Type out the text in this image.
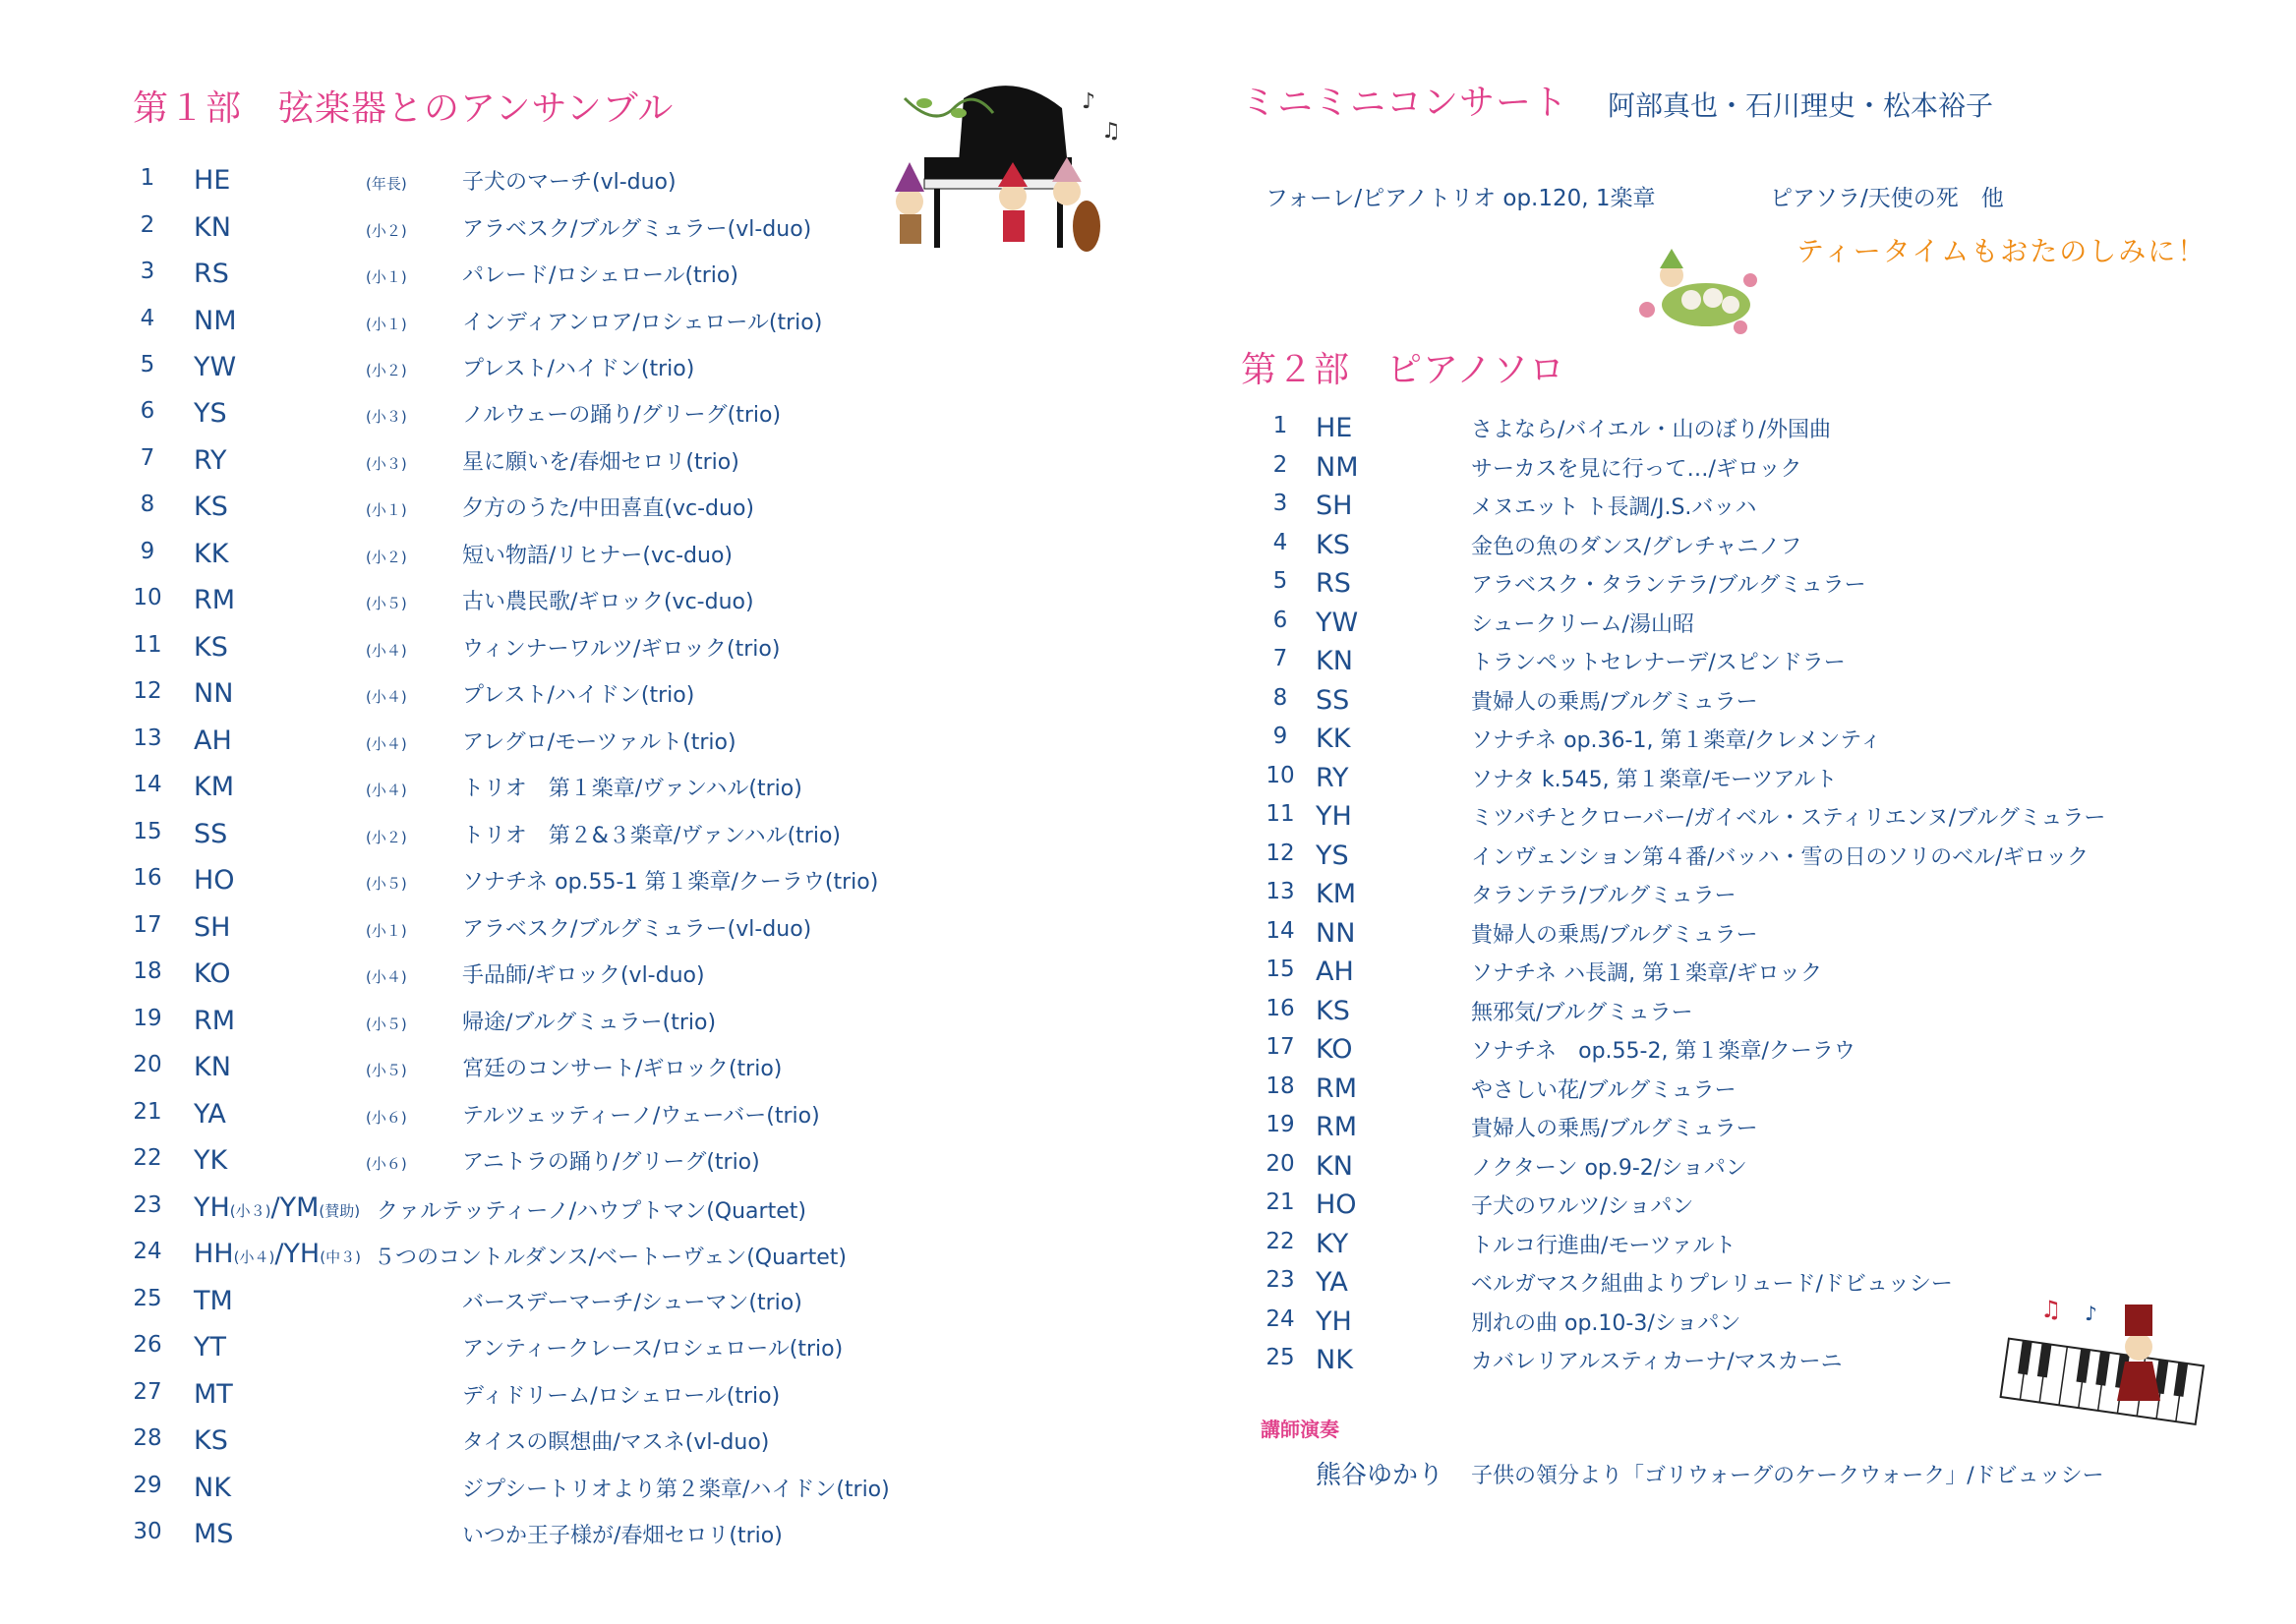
第１部　弦楽器とのアンサンブル	♪
♫
1	HE	(年長)	子犬のマーチ(vl-duo)
2	KN	(小２)	アラベスク/ブルグミュラー(vl-duo)
3	RS	(小１)	パレード/ロシェロール(trio)
4	NM	(小１)	インディアンロア/ロシェロール(trio)
5	YW	(小２)	プレスト/ハイドン(trio)
6	YS	(小３)	ノルウェーの踊り/グリーグ(trio)
7	RY	(小３)	星に願いを/春畑セロリ(trio)
8	KS	(小１)	夕方のうた/中田喜直(vc-duo)
9	KK	(小２)	短い物語/リヒナー(vc-duo)
10 RM	(小５)	古い農民歌/ギロック(vc-duo)
11 KS	(小４)	ウィンナーワルツ/ギロック(trio)
12 NN	(小４)	プレスト/ハイドン(trio)
13 AH	(小４)	アレグロ/モーツァルト(trio)
14 KM	(小４)	トリオ　第１楽章/ヴァンハル(trio)
15 SS	(小２)	トリオ　第２&３楽章/ヴァンハル(trio)
16 HO	(小５)	ソナチネ op.55-1 第１楽章/クーラウ(trio)
17 SH	(小１)	アラベスク/ブルグミュラー(vl-duo)
18 KO	(小４)	手品師/ギロック(vl-duo)
19 RM	(小５)	帰途/ブルグミュラー(trio)
20 KN	(小５)	宮廷のコンサート/ギロック(trio)
21 YA	(小６)	テルツェッティーノ/ウェーバー(trio)
22 YK	(小６)	アニトラの踊り/グリーグ(trio)
23 YH(小３)/YM(賛助) クァルテッティーノ/ハウプトマン(Quartet)
24 HH(小４)/YH(中３) ５つのコントルダンス/ベートーヴェン(Quartet)
25 TM	バースデーマーチ/シューマン(trio)
26 YT	アンティークレース/ロシェロール(trio)
27 MT	ディドリーム/ロシェロール(trio)
28 KS	タイスの瞑想曲/マスネ(vl-duo)
29 NK	ジプシートリオより第２楽章/ハイドン(trio)
30 MS	いつか王子様が/春畑セロリ(trio)
ミニミニコンサート 阿部真也・石川理史・松本裕子
フォーレ/ピアノトリオ op.120, 1楽章	ピアソラ/天使の死　他
ティータイムもおたのしみに！
第２部　ピアノソロ
1	HE	さよなら/バイエル・山のぼり/外国曲
2	NM	サーカスを見に行って…/ギロック
3	SH	メヌエット ト長調/J.S.バッハ
4	KS	金色の魚のダンス/グレチャニノフ
5	RS	アラベスク・タランテラ/ブルグミュラー
6	YW	シュークリーム/湯山昭
7	KN	トランペットセレナーデ/スピンドラー
8	SS	貴婦人の乗馬/ブルグミュラー
9	KK	ソナチネ op.36-1, 第１楽章/クレメンティ
10 RY	ソナタ k.545, 第１楽章/モーツアルト
11 YH	ミツバチとクローバー/ガイベル・スティリエンヌ/ブルグミュラー
12 YS	インヴェンション第４番/バッハ・雪の日のソリのベル/ギロック
13 KM	タランテラ/ブルグミュラー
14 NN	貴婦人の乗馬/ブルグミュラー
15 AH	ソナチネ ハ長調, 第１楽章/ギロック
16 KS	無邪気/ブルグミュラー
17 KO	ソナチネ　op.55-2, 第１楽章/クーラウ
18 RM	やさしい花/ブルグミュラー
19 RM	貴婦人の乗馬/ブルグミュラー
20 KN	ノクターン op.9-2/ショパン
21 HO	子犬のワルツ/ショパン
22 KY	トルコ行進曲/モーツァルト
23 YA	ベルガマスク組曲よりプレリュード/ドビュッシー
24 YH	別れの曲 op.10-3/ショパン
25 NK	カバレリアルスティカーナ/マスカーニ
♫ ♪
講師演奏
熊谷ゆかり 子供の領分より「ゴリウォーグのケークウォーク」/ドビュッシー
